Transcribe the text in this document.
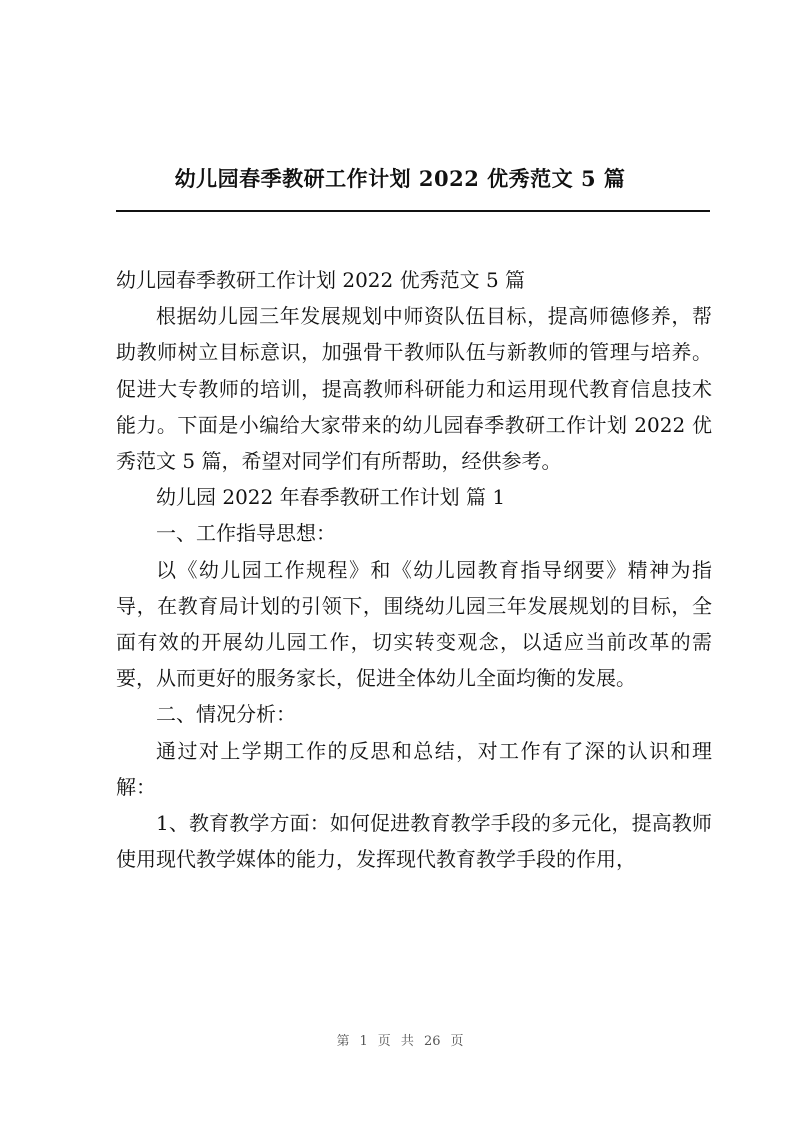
幼儿园春季教研工作计划 2022 优秀范文 5 篇

幼儿园春季教研工作计划 2022 优秀范文 5 篇

根据幼儿园三年发展规划中师资队伍目标，提高师德修养，帮助教师树立目标意识，加强骨干教师队伍与新教师的管理与培养。促进大专教师的培训，提高教师科研能力和运用现代教育信息技术能力。下面是小编给大家带来的幼儿园春季教研工作计划 2022 优秀范文 5 篇，希望对同学们有所帮助，经供参考。

幼儿园 2022 年春季教研工作计划 篇 1

一、工作指导思想：

以《幼儿园工作规程》和《幼儿园教育指导纲要》精神为指导，在教育局计划的引领下，围绕幼儿园三年发展规划的目标，全面有效的开展幼儿园工作，切实转变观念，以适应当前改革的需要，从而更好的服务家长，促进全体幼儿全面均衡的发展。

二、情况分析：

通过对上学期工作的反思和总结，对工作有了深的认识和理解：

1、教育教学方面：如何促进教育教学手段的多元化，提高教师使用现代教学媒体的能力，发挥现代教育教学手段的作用，

第 1 页 共 26 页
